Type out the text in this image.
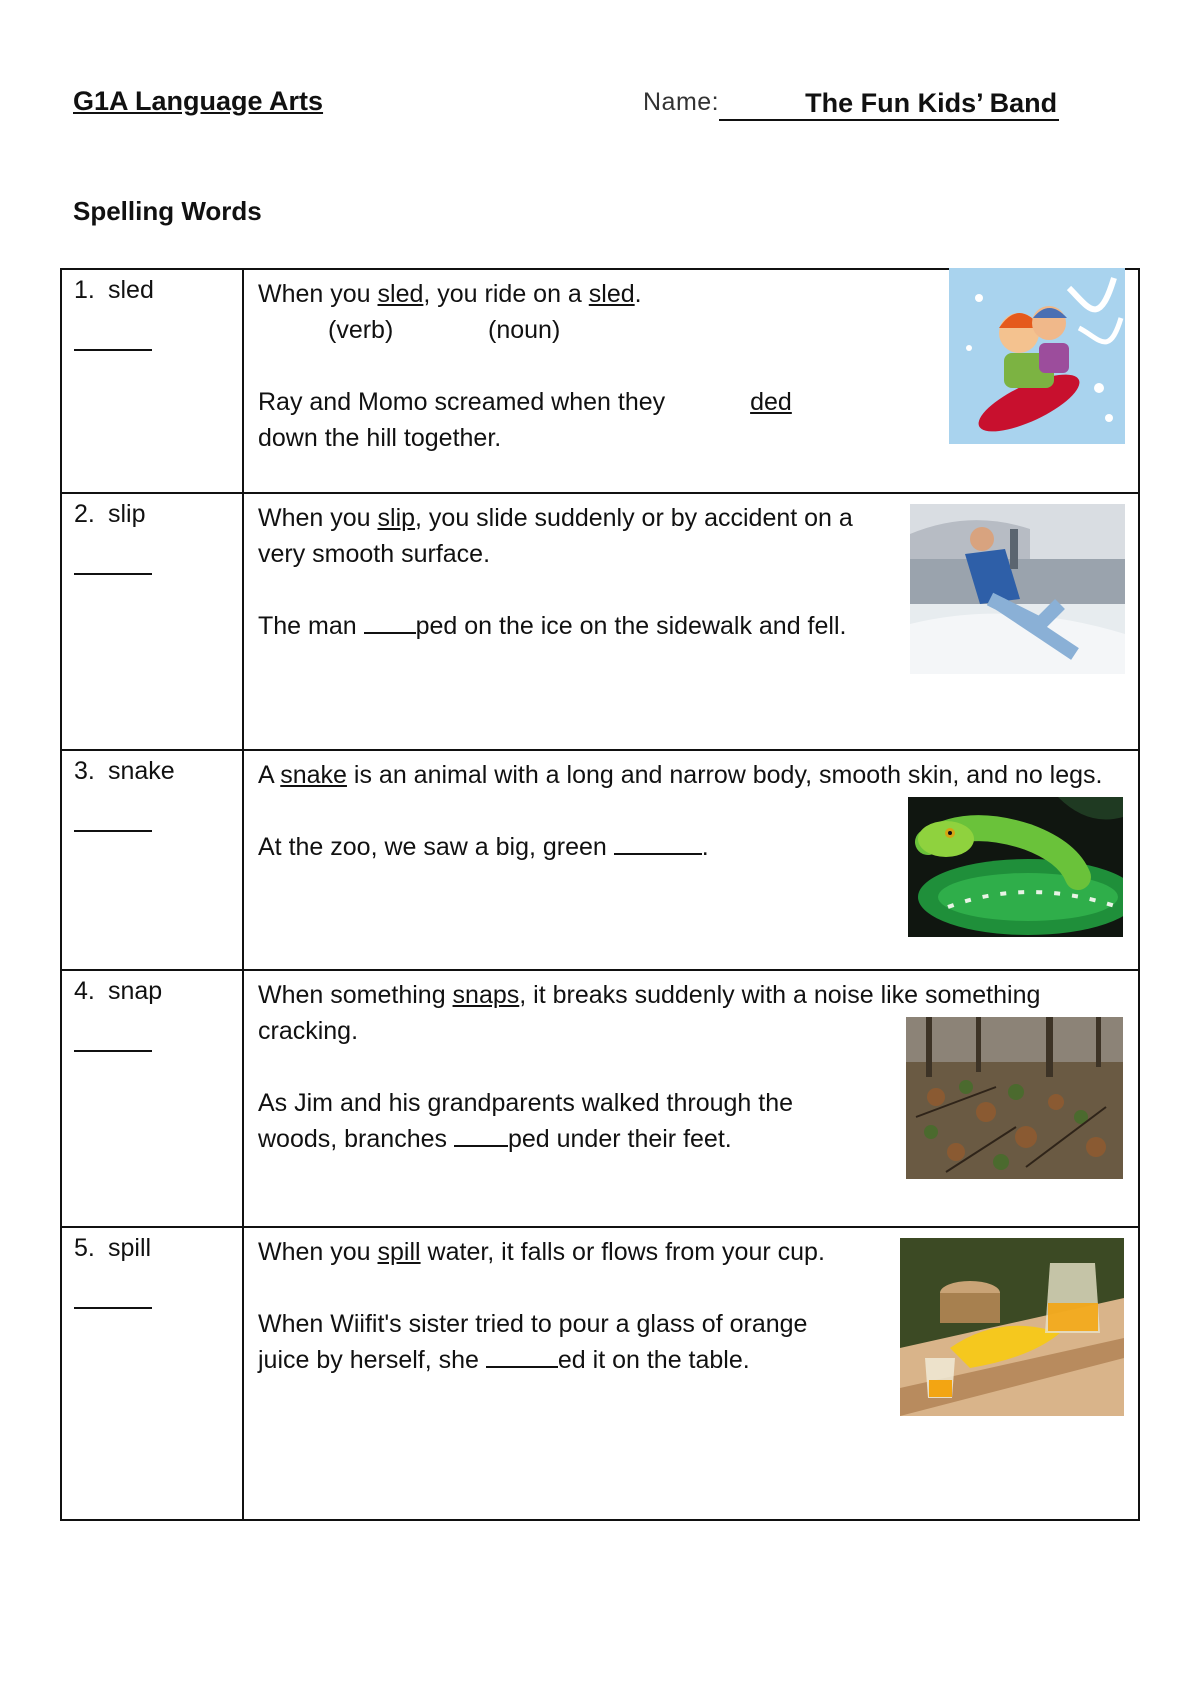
G1A Language Arts	Name:	The Fun Kids’ Band
Spelling Words
1. sled	When you sled, you ride on a sled.
(verb) (noun)
Ray and Momo screamed when they ded
down the hill together.

2. slip	When you slip, you slide suddenly or by accident on a very smooth surface.
The man ped on the ice on the sidewalk and fell.

3. snake	A snake is an animal with a long and narrow body, smooth skin, and no legs.
At the zoo, we saw a big, green .

4. snap	When something snaps, it breaks suddenly with a noise like something cracking.
As Jim and his grandparents walked through the woods, branches ped under their feet.

5. spill	When you spill water, it falls or flows from your cup.
When Wiifit's sister tried to pour a glass of orange juice by herself, she ed it on the table.
